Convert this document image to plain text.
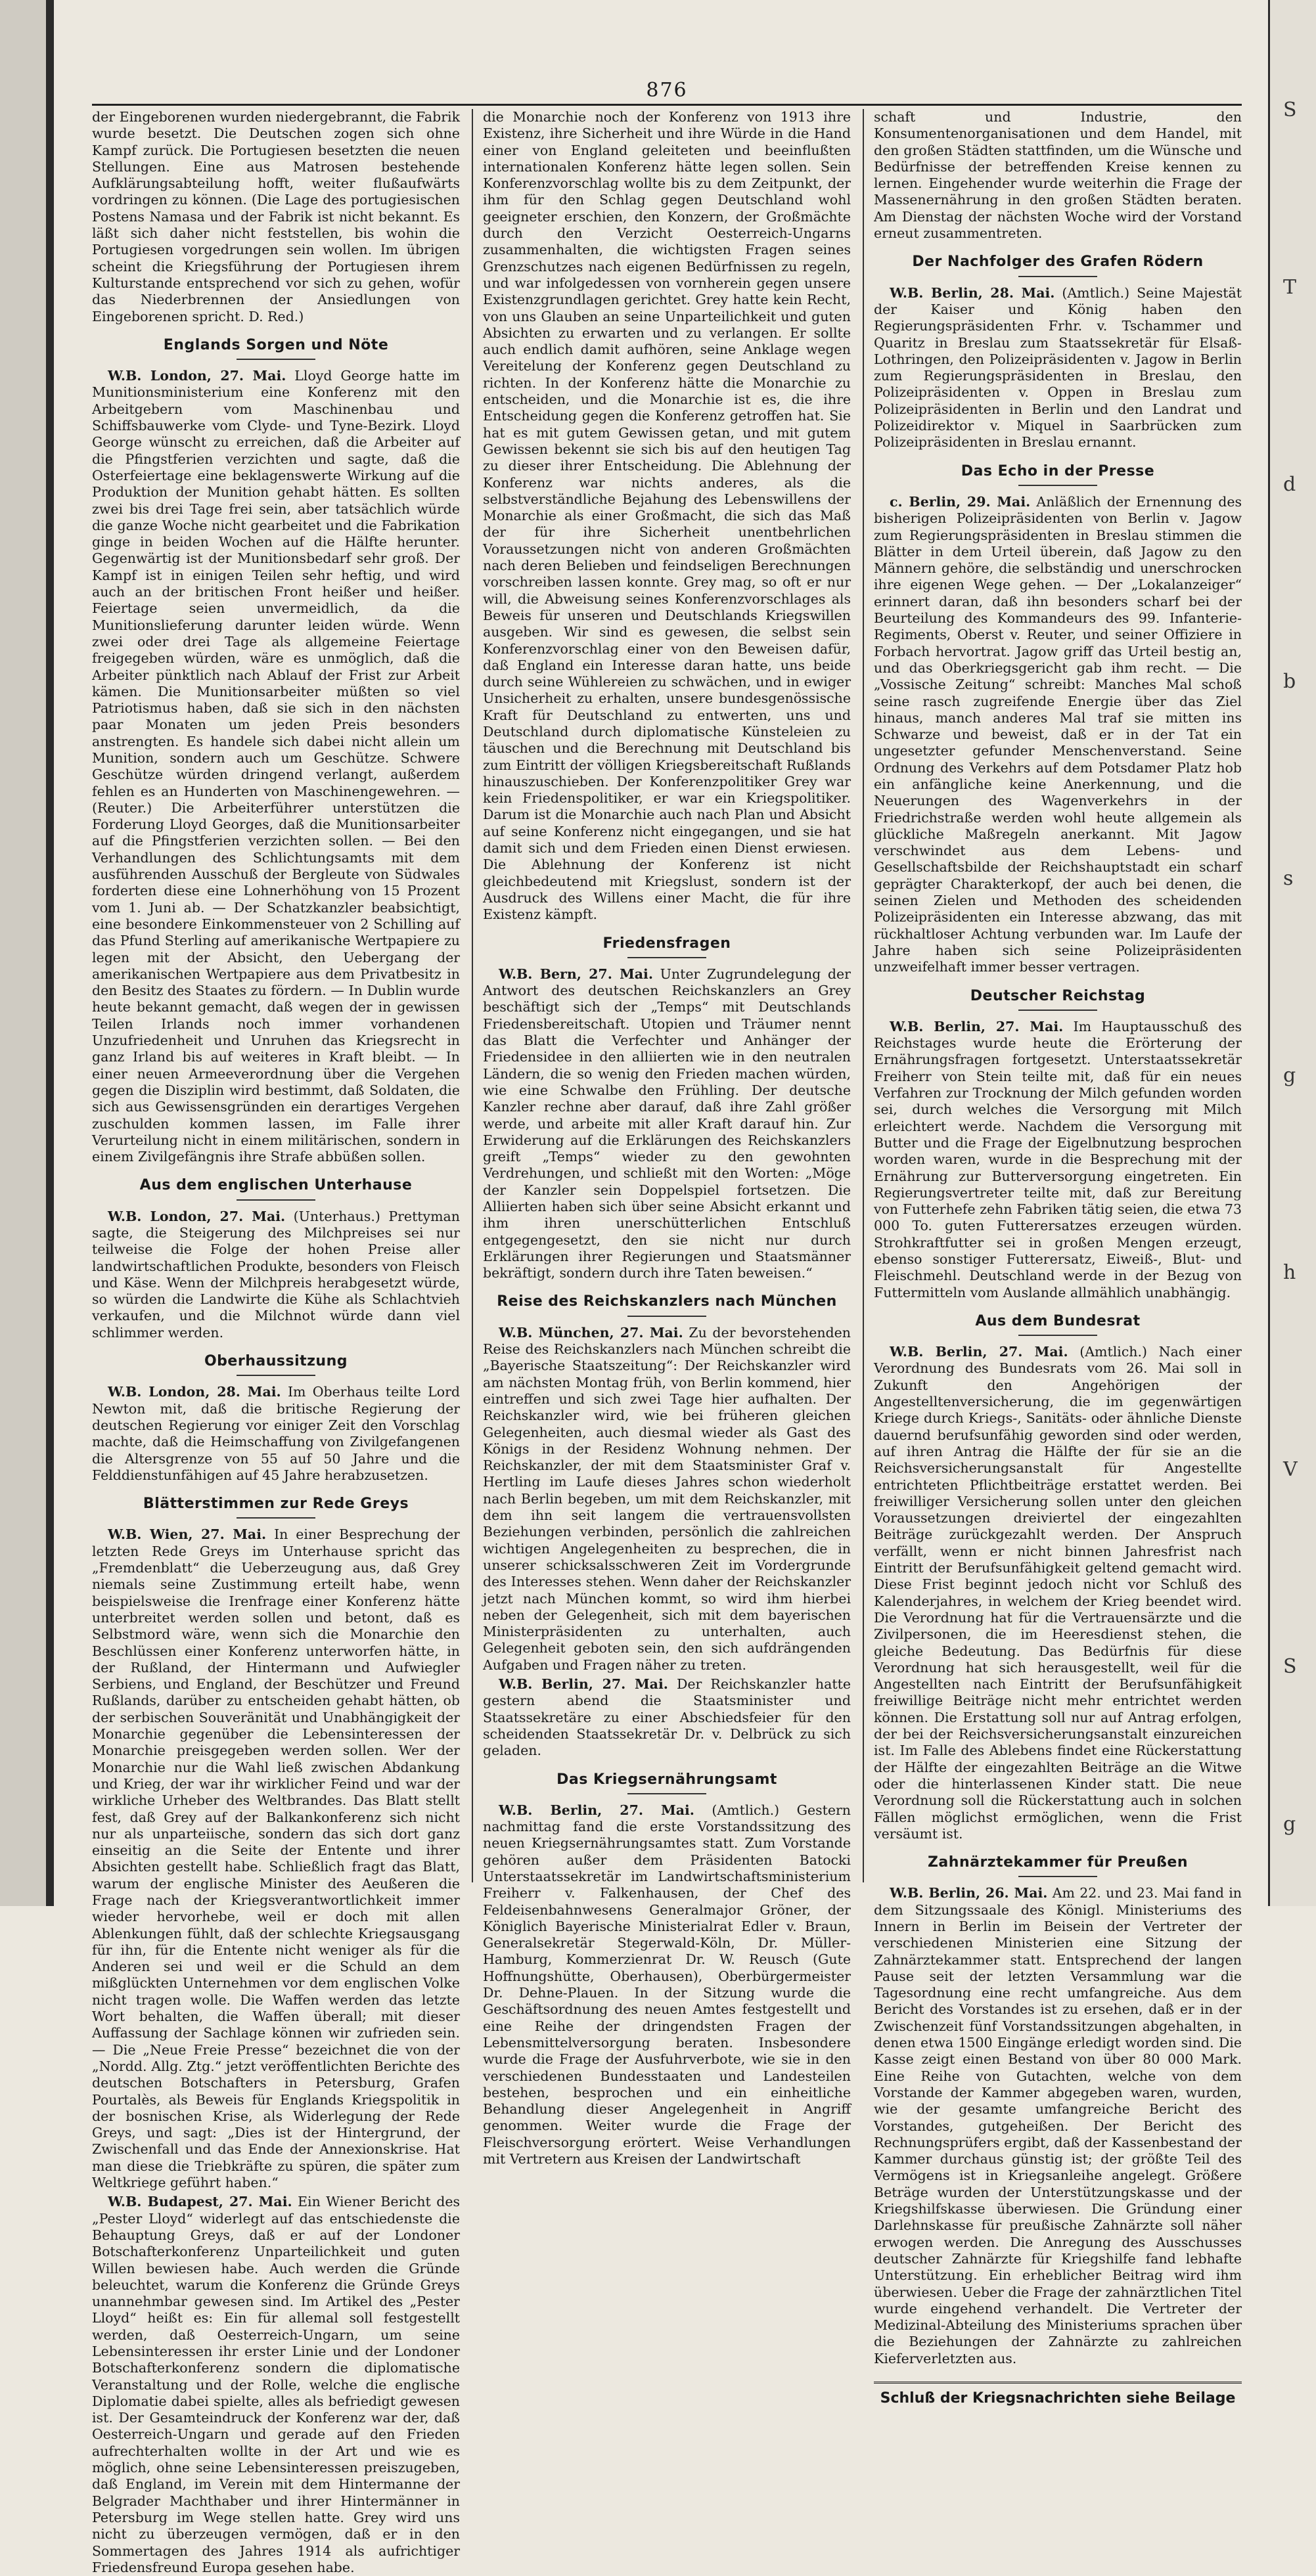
S
T
d
b
s
g
h
V
S
g
876

der Eingeborenen wurden niedergebrannt, die Fabrik wurde besetzt. Die Deutschen zogen sich ohne Kampf zurück. Die Portugiesen besetzten die neuen Stellungen. Eine aus Matrosen bestehende Aufklärungsabteilung hofft, weiter flußaufwärts vordringen zu können. (Die Lage des portugiesischen Postens Namasa und der Fabrik ist nicht bekannt. Es läßt sich daher nicht feststellen, bis wohin die Portugiesen vorgedrungen sein wollen. Im übrigen scheint die Kriegsführung der Portugiesen ihrem Kulturstande entsprechend vor sich zu gehen, wofür das Niederbrennen der Ansiedlungen von Eingeborenen spricht. D. Red.)

Englands Sorgen und Nöte

W.B. London, 27. Mai. Lloyd George hatte im Munitionsministerium eine Konferenz mit den Arbeitgebern vom Maschinenbau und Schiffsbauwerke vom Clyde- und Tyne-Bezirk. Lloyd George wünscht zu erreichen, daß die Arbeiter auf die Pfingstferien verzichten und sagte, daß die Osterfeiertage eine beklagenswerte Wirkung auf die Produktion der Munition gehabt hätten. Es sollten zwei bis drei Tage frei sein, aber tatsächlich würde die ganze Woche nicht gearbeitet und die Fabrikation ginge in beiden Wochen auf die Hälfte herunter. Gegenwärtig ist der Munitionsbedarf sehr groß. Der Kampf ist in einigen Teilen sehr heftig, und wird auch an der britischen Front heißer und heißer. Feiertage seien unvermeidlich, da die Munitionslieferung darunter leiden würde. Wenn zwei oder drei Tage als allgemeine Feiertage freigegeben würden, wäre es unmöglich, daß die Arbeiter pünktlich nach Ablauf der Frist zur Arbeit kämen. Die Munitionsarbeiter müßten so viel Patriotismus haben, daß sie sich in den nächsten paar Monaten um jeden Preis besonders anstrengten. Es handele sich dabei nicht allein um Munition, sondern auch um Geschütze. Schwere Geschütze würden dringend verlangt, außerdem fehlen es an Hunderten von Maschinengewehren. — (Reuter.) Die Arbeiterführer unterstützen die Forderung Lloyd Georges, daß die Munitionsarbeiter auf die Pfingstferien verzichten sollen. — Bei den Verhandlungen des Schlichtungsamts mit dem ausführenden Ausschuß der Bergleute von Südwales forderten diese eine Lohnerhöhung von 15 Prozent vom 1. Juni ab. — Der Schatzkanzler beabsichtigt, eine besondere Einkommensteuer von 2 Schilling auf das Pfund Sterling auf amerikanische Wertpapiere zu legen mit der Absicht, den Uebergang der amerikanischen Wertpapiere aus dem Privatbesitz in den Besitz des Staates zu fördern. — In Dublin wurde heute bekannt gemacht, daß wegen der in gewissen Teilen Irlands noch immer vorhandenen Unzufriedenheit und Unruhen das Kriegsrecht in ganz Irland bis auf weiteres in Kraft bleibt. — In einer neuen Armeeverordnung über die Vergehen gegen die Disziplin wird bestimmt, daß Soldaten, die sich aus Gewissensgründen ein derartiges Vergehen zuschulden kommen lassen, im Falle ihrer Verurteilung nicht in einem militärischen, sondern in einem Zivilgefängnis ihre Strafe abbüßen sollen.

Aus dem englischen Unterhause

W.B. London, 27. Mai. (Unterhaus.) Prettyman sagte, die Steigerung des Milchpreises sei nur teilweise die Folge der hohen Preise aller landwirtschaftlichen Produkte, besonders von Fleisch und Käse. Wenn der Milchpreis herabgesetzt würde, so würden die Landwirte die Kühe als Schlachtvieh verkaufen, und die Milchnot würde dann viel schlimmer werden.

Oberhaussitzung

W.B. London, 28. Mai. Im Oberhaus teilte Lord Newton mit, daß die britische Regierung der deutschen Regierung vor einiger Zeit den Vorschlag machte, daß die Heimschaffung von Zivilgefangenen die Altersgrenze von 55 auf 50 Jahre und die Felddienstunfähigen auf 45 Jahre herabzusetzen.

Blätterstimmen zur Rede Greys

W.B. Wien, 27. Mai. In einer Besprechung der letzten Rede Greys im Unterhause spricht das „Fremdenblatt“ die Ueberzeugung aus, daß Grey niemals seine Zustimmung erteilt habe, wenn beispielsweise die Irenfrage einer Konferenz hätte unterbreitet werden sollen und betont, daß es Selbstmord wäre, wenn sich die Monarchie den Beschlüssen einer Konferenz unterworfen hätte, in der Rußland, der Hintermann und Aufwiegler Serbiens, und England, der Beschützer und Freund Rußlands, darüber zu entscheiden gehabt hätten, ob der serbischen Souveränität und Unabhängigkeit der Monarchie gegenüber die Lebensinteressen der Monarchie preisgegeben werden sollen. Wer der Monarchie nur die Wahl ließ zwischen Abdankung und Krieg, der war ihr wirklicher Feind und war der wirkliche Urheber des Weltbrandes. Das Blatt stellt fest, daß Grey auf der Balkankonferenz sich nicht nur als unparteiische, sondern das sich dort ganz einseitig an die Seite der Entente und ihrer Absichten gestellt habe. Schließlich fragt das Blatt, warum der englische Minister des Aeußeren die Frage nach der Kriegsverantwortlichkeit immer wieder hervorhebe, weil er doch mit allen Ablenkungen fühlt, daß der schlechte Kriegsausgang für ihn, für die Entente nicht weniger als für die Anderen sei und weil er die Schuld an dem mißglückten Unternehmen vor dem englischen Volke nicht tragen wolle. Die Waffen werden das letzte Wort behalten, die Waffen überall; mit dieser Auffassung der Sachlage können wir zufrieden sein. — Die „Neue Freie Presse“ bezeichnet die von der „Nordd. Allg. Ztg.“ jetzt veröffentlichten Berichte des deutschen Botschafters in Petersburg, Grafen Pourtalès, als Beweis für Englands Kriegspolitik in der bosnischen Krise, als Widerlegung der Rede Greys, und sagt: „Dies ist der Hintergrund, der Zwischenfall und das Ende der Annexionskrise. Hat man diese die Triebkräfte zu spüren, die später zum Weltkriege geführt haben.“

W.B. Budapest, 27. Mai. Ein Wiener Bericht des „Pester Lloyd“ widerlegt auf das entschiedenste die Behauptung Greys, daß er auf der Londoner Botschafterkonferenz Unparteilichkeit und guten Willen bewiesen habe. Auch werden die Gründe beleuchtet, warum die Konferenz die Gründe Greys unannehmbar gewesen sind. Im Artikel des „Pester Lloyd“ heißt es: Ein für allemal soll festgestellt werden, daß Oesterreich-Ungarn, um seine Lebensinteressen ihr erster Linie und der Londoner Botschafterkonferenz sondern die diplomatische Veranstaltung und der Rolle, welche die englische Diplomatie dabei spielte, alles als befriedigt gewesen ist. Der Gesamteindruck der Konferenz war der, daß Oesterreich-Ungarn und gerade auf den Frieden aufrechterhalten wollte in der Art und wie es möglich, ohne seine Lebensinteressen preiszugeben, daß England, im Verein mit dem Hintermanne der Belgrader Machthaber und ihrer Hintermänner in Petersburg im Wege stellen hatte. Grey wird uns nicht zu überzeugen vermögen, daß er in den Sommertagen des Jahres 1914 als aufrichtiger Friedensfreund Europa gesehen habe.

die Monarchie noch der Konferenz von 1913 ihre Existenz, ihre Sicherheit und ihre Würde in die Hand einer von England geleiteten und beeinflußten internationalen Konferenz hätte legen sollen. Sein Konferenzvorschlag wollte bis zu dem Zeitpunkt, der ihm für den Schlag gegen Deutschland wohl geeigneter erschien, den Konzern, der Großmächte durch den Verzicht Oesterreich-Ungarns zusammenhalten, die wichtigsten Fragen seines Grenzschutzes nach eigenen Bedürfnissen zu regeln, und war infolgedessen von vornherein gegen unsere Existenzgrundlagen gerichtet. Grey hatte kein Recht, von uns Glauben an seine Unparteilichkeit und guten Absichten zu erwarten und zu verlangen. Er sollte auch endlich damit aufhören, seine Anklage wegen Vereitelung der Konferenz gegen Deutschland zu richten. In der Konferenz hätte die Monarchie zu entscheiden, und die Monarchie ist es, die ihre Entscheidung gegen die Konferenz getroffen hat. Sie hat es mit gutem Gewissen getan, und mit gutem Gewissen bekennt sie sich bis auf den heutigen Tag zu dieser ihrer Entscheidung. Die Ablehnung der Konferenz war nichts anderes, als die selbstverständliche Bejahung des Lebenswillens der Monarchie als einer Großmacht, die sich das Maß der für ihre Sicherheit unentbehrlichen Voraussetzungen nicht von anderen Großmächten nach deren Belieben und feindseligen Berechnungen vorschreiben lassen konnte. Grey mag, so oft er nur will, die Abweisung seines Konferenzvorschlages als Beweis für unseren und Deutschlands Kriegswillen ausgeben. Wir sind es gewesen, die selbst sein Konferenzvorschlag einer von den Beweisen dafür, daß England ein Interesse daran hatte, uns beide durch seine Wühlereien zu schwächen, und in ewiger Unsicherheit zu erhalten, unsere bundesgenössische Kraft für Deutschland zu entwerten, uns und Deutschland durch diplomatische Künsteleien zu täuschen und die Berechnung mit Deutschland bis zum Eintritt der völligen Kriegsbereitschaft Rußlands hinauszuschieben. Der Konferenzpolitiker Grey war kein Friedenspolitiker, er war ein Kriegspolitiker. Darum ist die Monarchie auch nach Plan und Absicht auf seine Konferenz nicht eingegangen, und sie hat damit sich und dem Frieden einen Dienst erwiesen. Die Ablehnung der Konferenz ist nicht gleichbedeutend mit Kriegslust, sondern ist der Ausdruck des Willens einer Macht, die für ihre Existenz kämpft.

Friedensfragen

W.B. Bern, 27. Mai. Unter Zugrundelegung der Antwort des deutschen Reichskanzlers an Grey beschäftigt sich der „Temps“ mit Deutschlands Friedensbereitschaft. Utopien und Träumer nennt das Blatt die Verfechter und Anhänger der Friedensidee in den alliierten wie in den neutralen Ländern, die so wenig den Frieden machen würden, wie eine Schwalbe den Frühling. Der deutsche Kanzler rechne aber darauf, daß ihre Zahl größer werde, und arbeite mit aller Kraft darauf hin. Zur Erwiderung auf die Erklärungen des Reichskanzlers greift „Temps“ wieder zu den gewohnten Verdrehungen, und schließt mit den Worten: „Möge der Kanzler sein Doppelspiel fortsetzen. Die Alliierten haben sich über seine Absicht erkannt und ihm ihren unerschütterlichen Entschluß entgegengesetzt, den sie nicht nur durch Erklärungen ihrer Regierungen und Staatsmänner bekräftigt, sondern durch ihre Taten beweisen.“

Reise des Reichskanzlers nach München

W.B. München, 27. Mai. Zu der bevorstehenden Reise des Reichskanzlers nach München schreibt die „Bayerische Staatszeitung“: Der Reichskanzler wird am nächsten Montag früh, von Berlin kommend, hier eintreffen und sich zwei Tage hier aufhalten. Der Reichskanzler wird, wie bei früheren gleichen Gelegenheiten, auch diesmal wieder als Gast des Königs in der Residenz Wohnung nehmen. Der Reichskanzler, der mit dem Staatsminister Graf v. Hertling im Laufe dieses Jahres schon wiederholt nach Berlin begeben, um mit dem Reichskanzler, mit dem ihn seit langem die vertrauensvollsten Beziehungen verbinden, persönlich die zahlreichen wichtigen Angelegenheiten zu besprechen, die in unserer schicksalsschweren Zeit im Vordergrunde des Interesses stehen. Wenn daher der Reichskanzler jetzt nach München kommt, so wird ihm hierbei neben der Gelegenheit, sich mit dem bayerischen Ministerpräsidenten zu unterhalten, auch Gelegenheit geboten sein, den sich aufdrängenden Aufgaben und Fragen näher zu treten.

W.B. Berlin, 27. Mai. Der Reichskanzler hatte gestern abend die Staatsminister und Staatssekretäre zu einer Abschiedsfeier für den scheidenden Staatssekretär Dr. v. Delbrück zu sich geladen.

Das Kriegsernährungsamt

W.B. Berlin, 27. Mai. (Amtlich.) Gestern nachmittag fand die erste Vorstandssitzung des neuen Kriegsernährungsamtes statt. Zum Vorstande gehören außer dem Präsidenten Batocki Unterstaatssekretär im Landwirtschaftsministerium Freiherr v. Falkenhausen, der Chef des Feldeisenbahnwesens Generalmajor Gröner, der Königlich Bayerische Ministerialrat Edler v. Braun, Generalsekretär Stegerwald-Köln, Dr. Müller-Hamburg, Kommerzienrat Dr. W. Reusch (Gute Hoffnungshütte, Oberhausen), Oberbürgermeister Dr. Dehne-Plauen. In der Sitzung wurde die Geschäftsordnung des neuen Amtes festgestellt und eine Reihe der dringendsten Fragen der Lebensmittelversorgung beraten. Insbesondere wurde die Frage der Ausfuhrverbote, wie sie in den verschiedenen Bundesstaaten und Landesteilen bestehen, besprochen und ein einheitliche Behandlung dieser Angelegenheit in Angriff genommen. Weiter wurde die Frage der Fleischversorgung erörtert. Weise Verhandlungen mit Vertretern aus Kreisen der Landwirtschaft

schaft und Industrie, den Konsumentenorganisationen und dem Handel, mit den großen Städten stattfinden, um die Wünsche und Bedürfnisse der betreffenden Kreise kennen zu lernen. Eingehender wurde weiterhin die Frage der Massenernährung in den großen Städten beraten. Am Dienstag der nächsten Woche wird der Vorstand erneut zusammentreten.

Der Nachfolger des Grafen Rödern

W.B. Berlin, 28. Mai. (Amtlich.) Seine Majestät der Kaiser und König haben den Regierungspräsidenten Frhr. v. Tschammer und Quaritz in Breslau zum Staatssekretär für Elsaß-Lothringen, den Polizeipräsidenten v. Jagow in Berlin zum Regierungspräsidenten in Breslau, den Polizeipräsidenten v. Oppen in Breslau zum Polizeipräsidenten in Berlin und den Landrat und Polizeidirektor v. Miquel in Saarbrücken zum Polizeipräsidenten in Breslau ernannt.

Das Echo in der Presse

c. Berlin, 29. Mai. Anläßlich der Ernennung des bisherigen Polizeipräsidenten von Berlin v. Jagow zum Regierungspräsidenten in Breslau stimmen die Blätter in dem Urteil überein, daß Jagow zu den Männern gehöre, die selbständig und unerschrocken ihre eigenen Wege gehen. — Der „Lokalanzeiger“ erinnert daran, daß ihn besonders scharf bei der Beurteilung des Kommandeurs des 99. Infanterie-Regiments, Oberst v. Reuter, und seiner Offiziere in Forbach hervortrat. Jagow griff das Urteil bestig an, und das Oberkriegsgericht gab ihm recht. — Die „Vossische Zeitung“ schreibt: Manches Mal schoß seine rasch zugreifende Energie über das Ziel hinaus, manch anderes Mal traf sie mitten ins Schwarze und beweist, daß er in der Tat ein ungesetzter gefunder Menschenverstand. Seine Ordnung des Verkehrs auf dem Potsdamer Platz hob ein anfängliche keine Anerkennung, und die Neuerungen des Wagenverkehrs in der Friedrichstraße werden wohl heute allgemein als glückliche Maßregeln anerkannt. Mit Jagow verschwindet aus dem Lebens- und Gesellschaftsbilde der Reichshauptstadt ein scharf geprägter Charakterkopf, der auch bei denen, die seinen Zielen und Methoden des scheidenden Polizeipräsidenten ein Interesse abzwang, das mit rückhaltloser Achtung verbunden war. Im Laufe der Jahre haben sich seine Polizeipräsidenten unzweifelhaft immer besser vertragen.

Deutscher Reichstag

W.B. Berlin, 27. Mai. Im Hauptausschuß des Reichstages wurde heute die Erörterung der Ernährungsfragen fortgesetzt. Unterstaatssekretär Freiherr von Stein teilte mit, daß für ein neues Verfahren zur Trocknung der Milch gefunden worden sei, durch welches die Versorgung mit Milch erleichtert werde. Nachdem die Versorgung mit Butter und die Frage der Eigelbnutzung besprochen worden waren, wurde in die Besprechung mit der Ernährung zur Butterversorgung eingetreten. Ein Regierungsvertreter teilte mit, daß zur Bereitung von Futterhefe zehn Fabriken tätig seien, die etwa 73 000 To. guten Futterersatzes erzeugen würden. Strohkraftfutter sei in großen Mengen erzeugt, ebenso sonstiger Futterersatz, Eiweiß-, Blut- und Fleischmehl. Deutschland werde in der Bezug von Futtermitteln vom Auslande allmählich unabhängig.

Aus dem Bundesrat

W.B. Berlin, 27. Mai. (Amtlich.) Nach einer Verordnung des Bundesrats vom 26. Mai soll in Zukunft den Angehörigen der Angestelltenversicherung, die im gegenwärtigen Kriege durch Kriegs-, Sanitäts- oder ähnliche Dienste dauernd berufsunfähig geworden sind oder werden, auf ihren Antrag die Hälfte der für sie an die Reichsversicherungsanstalt für Angestellte entrichteten Pflichtbeiträge erstattet werden. Bei freiwilliger Versicherung sollen unter den gleichen Voraussetzungen dreiviertel der eingezahlten Beiträge zurückgezahlt werden. Der Anspruch verfällt, wenn er nicht binnen Jahresfrist nach Eintritt der Berufsunfähigkeit geltend gemacht wird. Diese Frist beginnt jedoch nicht vor Schluß des Kalenderjahres, in welchem der Krieg beendet wird. Die Verordnung hat für die Vertrauensärzte und die Zivilpersonen, die im Heeresdienst stehen, die gleiche Bedeutung. Das Bedürfnis für diese Verordnung hat sich herausgestellt, weil für die Angestellten nach Eintritt der Berufsunfähigkeit freiwillige Beiträge nicht mehr entrichtet werden können. Die Erstattung soll nur auf Antrag erfolgen, der bei der Reichsversicherungsanstalt einzureichen ist. Im Falle des Ablebens findet eine Rückerstattung der Hälfte der eingezahlten Beiträge an die Witwe oder die hinterlassenen Kinder statt. Die neue Verordnung soll die Rückerstattung auch in solchen Fällen möglichst ermöglichen, wenn die Frist versäumt ist.

Zahnärztekammer für Preußen

W.B. Berlin, 26. Mai. Am 22. und 23. Mai fand in dem Sitzungssaale des Königl. Ministeriums des Innern in Berlin im Beisein der Vertreter der verschiedenen Ministerien eine Sitzung der Zahnärztekammer statt. Entsprechend der langen Pause seit der letzten Versammlung war die Tagesordnung eine recht umfangreiche. Aus dem Bericht des Vorstandes ist zu ersehen, daß er in der Zwischenzeit fünf Vorstandssitzungen abgehalten, in denen etwa 1500 Eingänge erledigt worden sind. Die Kasse zeigt einen Bestand von über 80 000 Mark. Eine Reihe von Gutachten, welche von dem Vorstande der Kammer abgegeben waren, wurden, wie der gesamte umfangreiche Bericht des Vorstandes, gutgeheißen. Der Bericht des Rechnungsprüfers ergibt, daß der Kassenbestand der Kammer durchaus günstig ist; der größte Teil des Vermögens ist in Kriegsanleihe angelegt. Größere Beträge wurden der Unterstützungskasse und der Kriegshilfskasse überwiesen. Die Gründung einer Darlehnskasse für preußische Zahnärzte soll näher erwogen werden. Die Anregung des Ausschusses deutscher Zahnärzte für Kriegshilfe fand lebhafte Unterstützung. Ein erheblicher Beitrag wird ihm überwiesen. Ueber die Frage der zahnärztlichen Titel wurde eingehend verhandelt. Die Vertreter der Medizinal-Abteilung des Ministeriums sprachen über die Beziehungen der Zahnärzte zu zahlreichen Kieferverletzten aus.

Schluß der Kriegsnachrichten siehe Beilage
